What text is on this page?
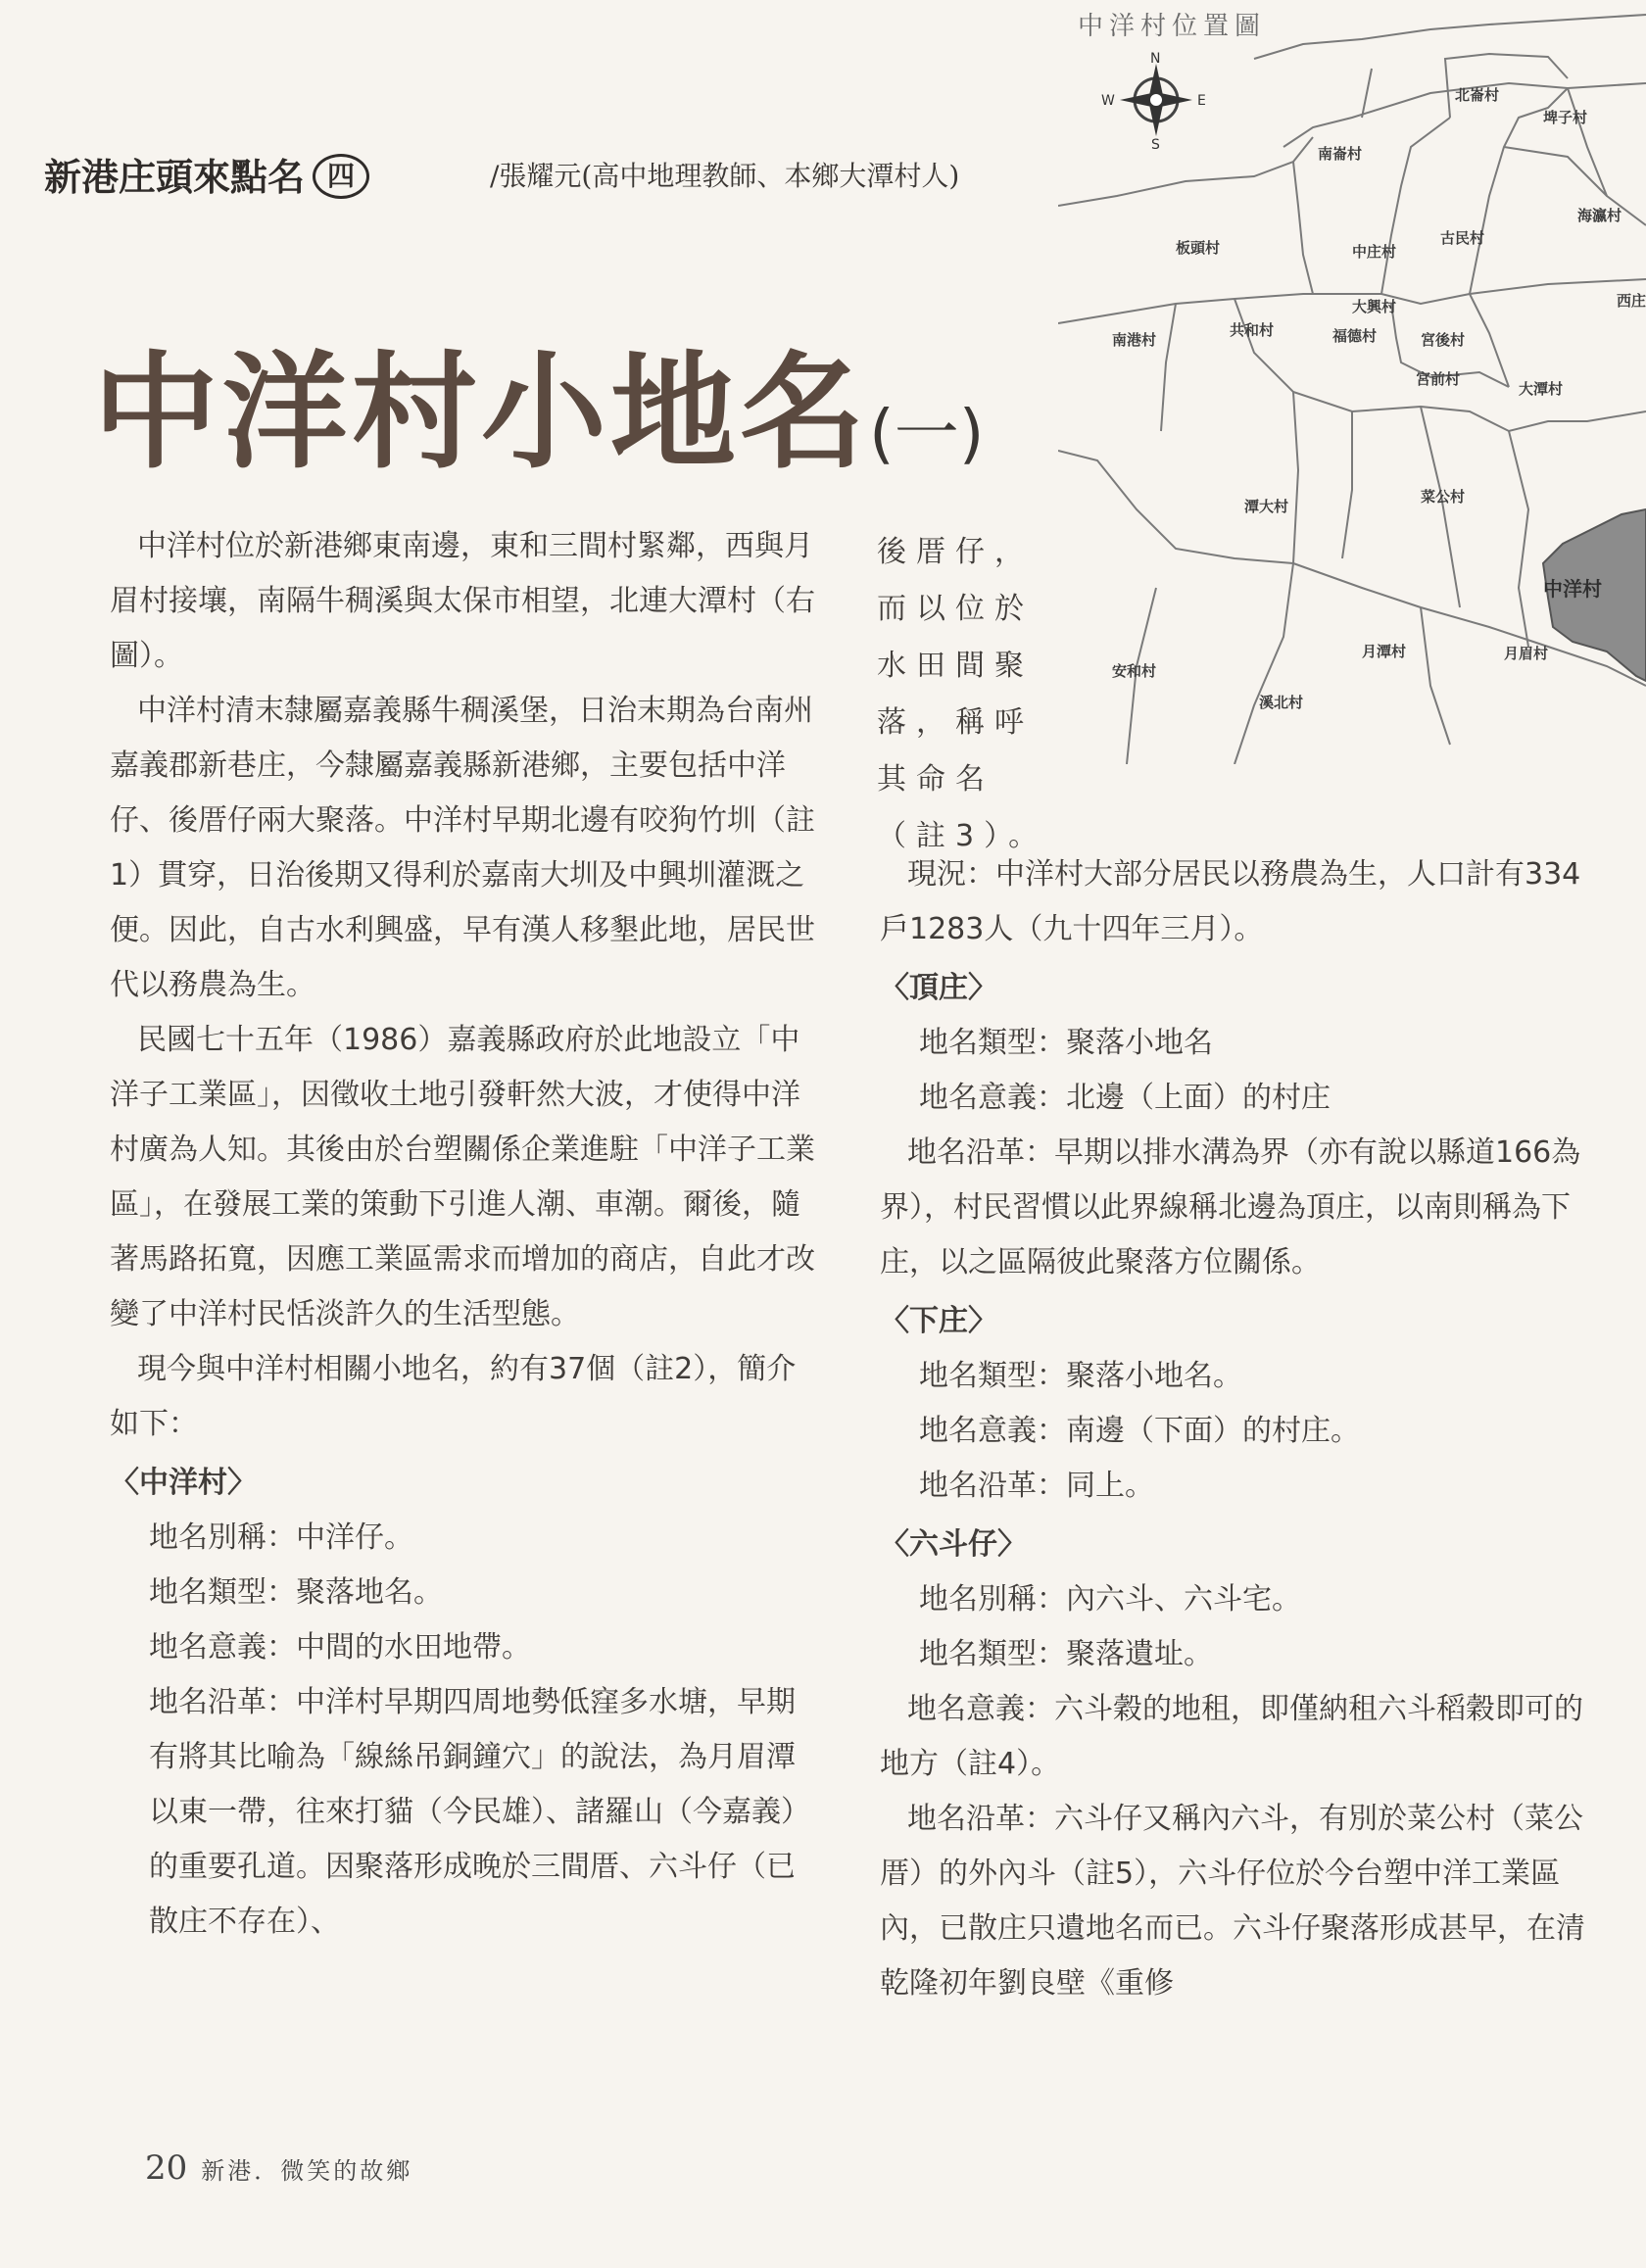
新港庄頭來點名 四	/張耀元(高中地理教師、本鄉大潭村人)
中洋村小地名(一)
中洋村位置圖
N
S
E
W	北崙村
埤子村
南崙村
海瀛村
西庄
板頭村	中庄村
古民村
南港村
共和村
大興村
福德村	宮後村
宮前村
大潭村
潭大村
菜公村
中洋村
安和村
月潭村	月眉村
溪北村

中洋村位於新港鄉東南邊，東和三間村緊鄰，西與月眉村接壤，南隔牛稠溪與太保市相望，北連大潭村（右圖）。

中洋村清末隸屬嘉義縣牛稠溪堡，日治末期為台南州嘉義郡新巷庄，今隸屬嘉義縣新港鄉，主要包括中洋仔、後厝仔兩大聚落。中洋村早期北邊有咬狗竹圳（註1）貫穿，日治後期又得利於嘉南大圳及中興圳灌溉之便。因此，自古水利興盛，早有漢人移墾此地，居民世代以務農為生。

民國七十五年（1986）嘉義縣政府於此地設立「中洋子工業區」，因徵收土地引發軒然大波，才使得中洋村廣為人知。其後由於台塑關係企業進駐「中洋子工業區」，在發展工業的策動下引進人潮、車潮。爾後，隨著馬路拓寬，因應工業區需求而增加的商店，自此才改變了中洋村民恬淡許久的生活型態。

現今與中洋村相關小地名，約有37個（註2），簡介如下：

〈中洋村〉

地名別稱：中洋仔。

地名類型：聚落地名。

地名意義：中間的水田地帶。

地名沿革：中洋村早期四周地勢低窪多水塘，早期有將其比喻為「線絲吊銅鐘穴」的說法，為月眉潭以東一帶，往來打貓（今民雄）、諸羅山（今嘉義）的重要孔道。因聚落形成晚於三間厝、六斗仔（已散庄不存在）、

後厝仔，而以位於水田間聚落，稱呼其命名（註3）。

現況：中洋村大部分居民以務農為生，人口計有334戶1283人（九十四年三月）。

〈頂庄〉

地名類型：聚落小地名

地名意義：北邊（上面）的村庄

地名沿革：早期以排水溝為界（亦有說以縣道166為界），村民習慣以此界線稱北邊為頂庄，以南則稱為下庄，以之區隔彼此聚落方位關係。

〈下庄〉

地名類型：聚落小地名。

地名意義：南邊（下面）的村庄。

地名沿革：同上。

〈六斗仔〉

地名別稱：內六斗、六斗宅。

地名類型：聚落遺址。

地名意義：六斗穀的地租，即僅納租六斗稻穀即可的地方（註4）。

地名沿革：六斗仔又稱內六斗，有別於菜公村（菜公厝）的外內斗（註5），六斗仔位於今台塑中洋工業區內，已散庄只遺地名而已。六斗仔聚落形成甚早，在清乾隆初年劉良壁《重修

20 新港．微笑的故鄉
